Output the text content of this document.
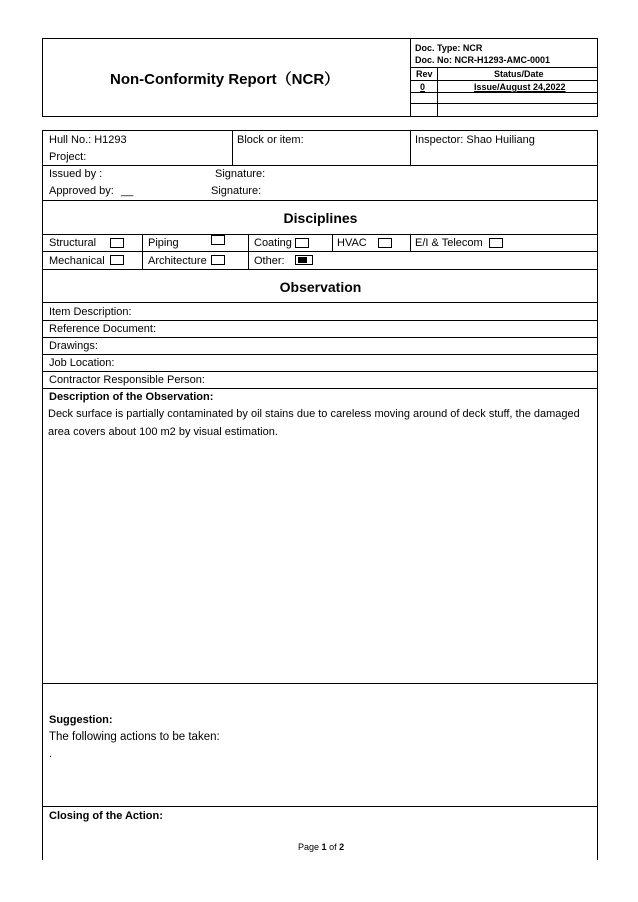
Non-Conformity Report（NCR）
Doc. Type: NCR
Doc. No: NCR-H1293-AMC-0001
Rev	Status/Date
0	Issue/August 24,2022
Hull No.: H1293
Project:
Block or item:	Inspector: Shao Huiliang
Issued by :	Signature:
Approved by: __	Signature:
Disciplines
Structural	Piping	Coating	HVAC	E/I & Telecom
Mechanical	Architecture	Other:
Observation
Item Description:
Reference Document:
Drawings:
Job Location:
Contractor Responsible Person:
Description of the Observation:
Deck surface is partially contaminated by oil stains due to careless moving around of deck stuff, the damaged area covers about 100 m2 by visual estimation.
Suggestion:
The following actions to be taken:
.
Closing of the Action:
Page 1 of 2
